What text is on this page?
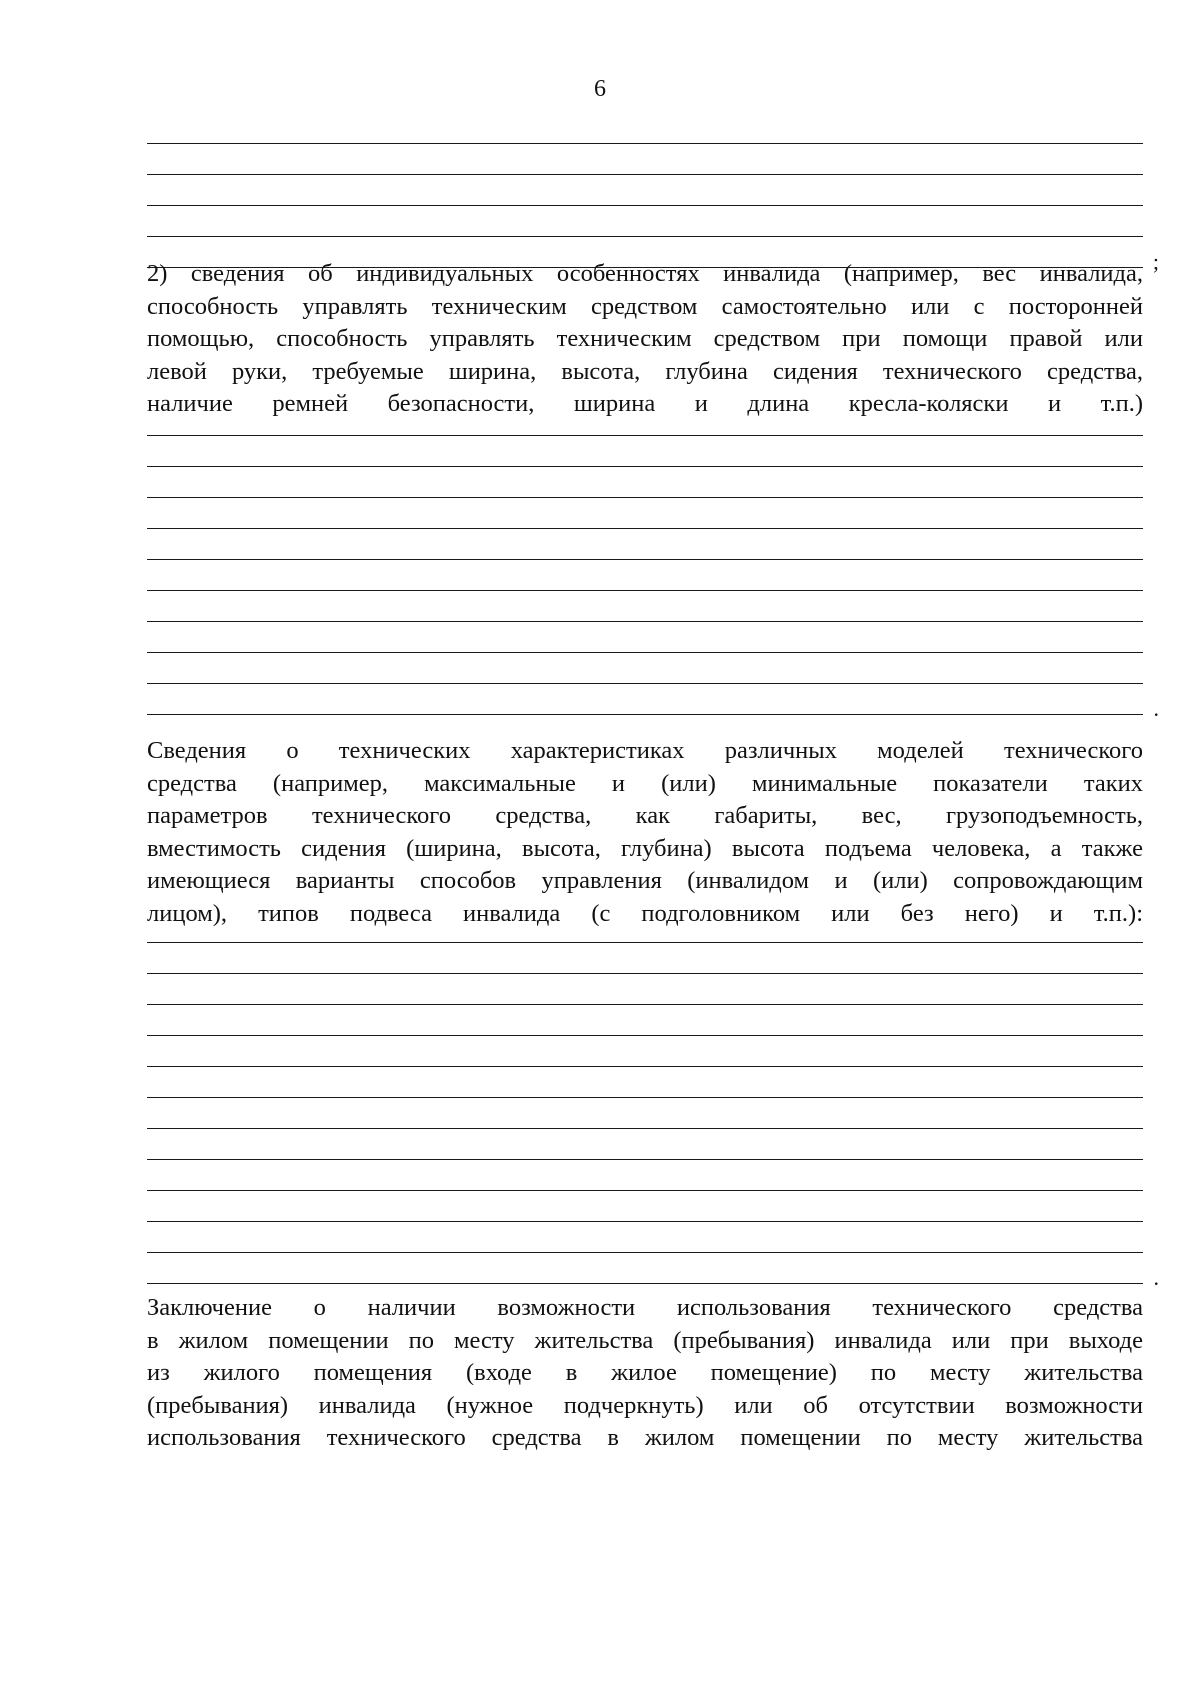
6
;
2) сведения об индивидуальных особенностях инвалида (например, вес инвалида,
способность управлять техническим средством самостоятельно или с посторонней
помощью, способность управлять техническим средством при помощи правой или
левой руки, требуемые ширина, высота, глубина сидения технического средства,
наличие ремней безопасности, ширина и длина кресла-коляски и т.п.)
.
Сведения о технических характеристиках различных моделей технического
средства (например, максимальные и (или) минимальные показатели таких
параметров технического средства, как габариты, вес, грузоподъемность,
вместимость сидения (ширина, высота, глубина) высота подъема человека, а также
имеющиеся варианты способов управления (инвалидом и (или) сопровождающим
лицом), типов подвеса инвалида (с подголовником или без него) и т.п.):
.
Заключение о наличии возможности использования технического средства
в жилом помещении по месту жительства (пребывания) инвалида или при выходе
из жилого помещения (входе в жилое помещение) по месту жительства
(пребывания) инвалида (нужное подчеркнуть) или об отсутствии возможности
использования технического средства в жилом помещении по месту жительства
